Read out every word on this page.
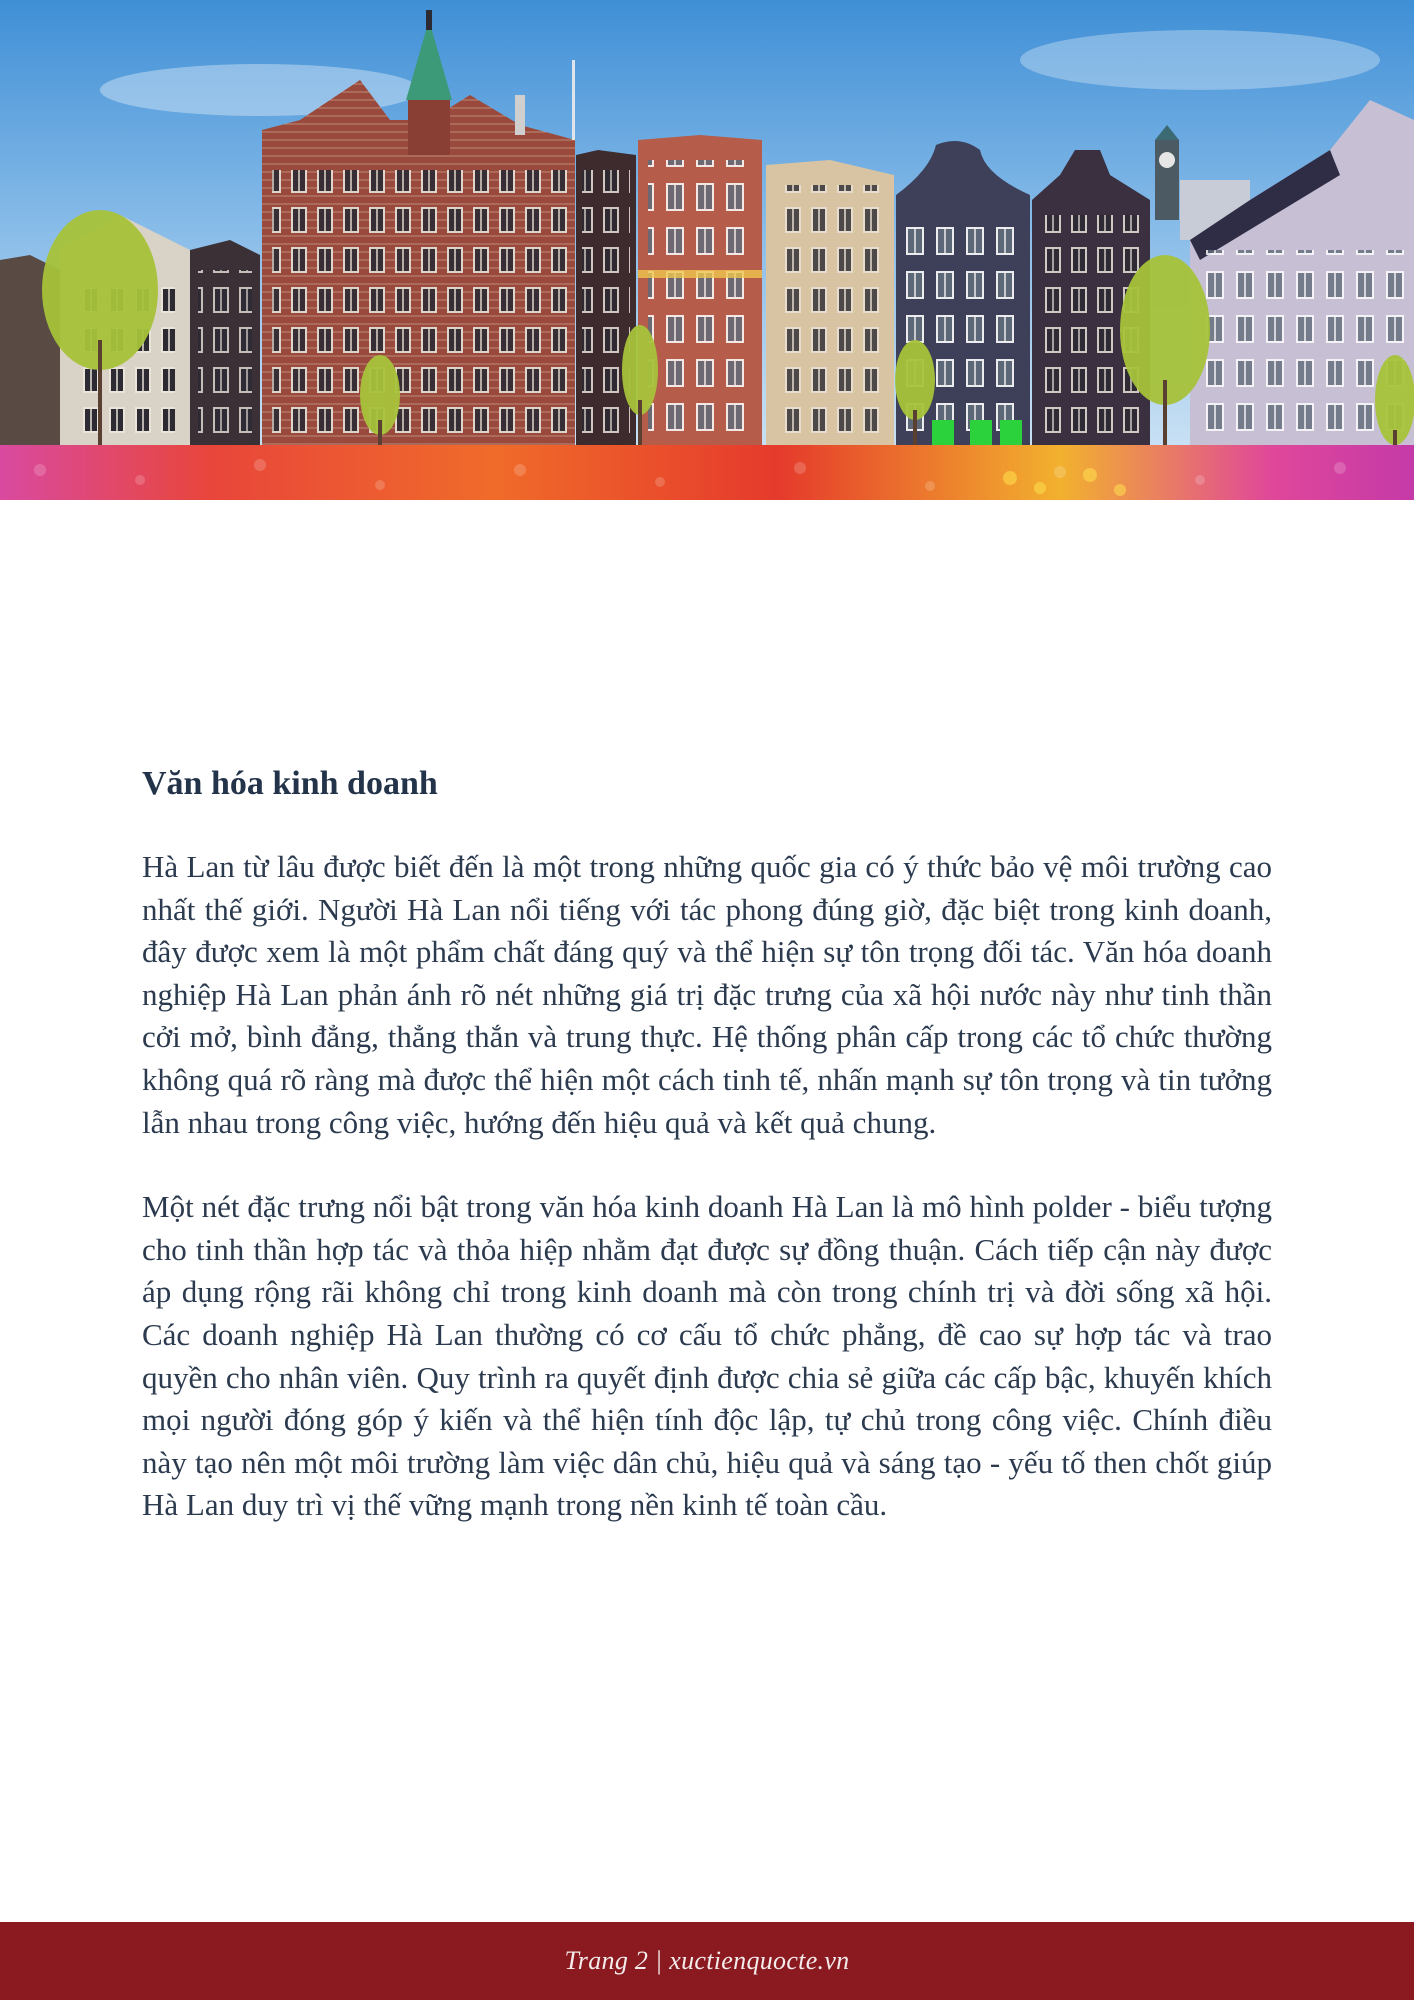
Văn hóa kinh doanh

Hà Lan từ lâu được biết đến là một trong những quốc gia có ý thức bảo vệ môi trường cao nhất thế giới. Người Hà Lan nổi tiếng với tác phong đúng giờ, đặc biệt trong kinh doanh, đây được xem là một phẩm chất đáng quý và thể hiện sự tôn trọng đối tác. Văn hóa doanh nghiệp Hà Lan phản ánh rõ nét những giá trị đặc trưng của xã hội nước này như tinh thần cởi mở, bình đẳng, thẳng thắn và trung thực. Hệ thống phân cấp trong các tổ chức thường không quá rõ ràng mà được thể hiện một cách tinh tế, nhấn mạnh sự tôn trọng và tin tưởng lẫn nhau trong công việc, hướng đến hiệu quả và kết quả chung.

Một nét đặc trưng nổi bật trong văn hóa kinh doanh Hà Lan là mô hình polder - biểu tượng cho tinh thần hợp tác và thỏa hiệp nhằm đạt được sự đồng thuận. Cách tiếp cận này được áp dụng rộng rãi không chỉ trong kinh doanh mà còn trong chính trị và đời sống xã hội. Các doanh nghiệp Hà Lan thường có cơ cấu tổ chức phẳng, đề cao sự hợp tác và trao quyền cho nhân viên. Quy trình ra quyết định được chia sẻ giữa các cấp bậc, khuyến khích mọi người đóng góp ý kiến và thể hiện tính độc lập, tự chủ trong công việc. Chính điều này tạo nên một môi trường làm việc dân chủ, hiệu quả và sáng tạo - yếu tố then chốt giúp Hà Lan duy trì vị thế vững mạnh trong nền kinh tế toàn cầu.

Trang 2 | xuctienquocte.vn
